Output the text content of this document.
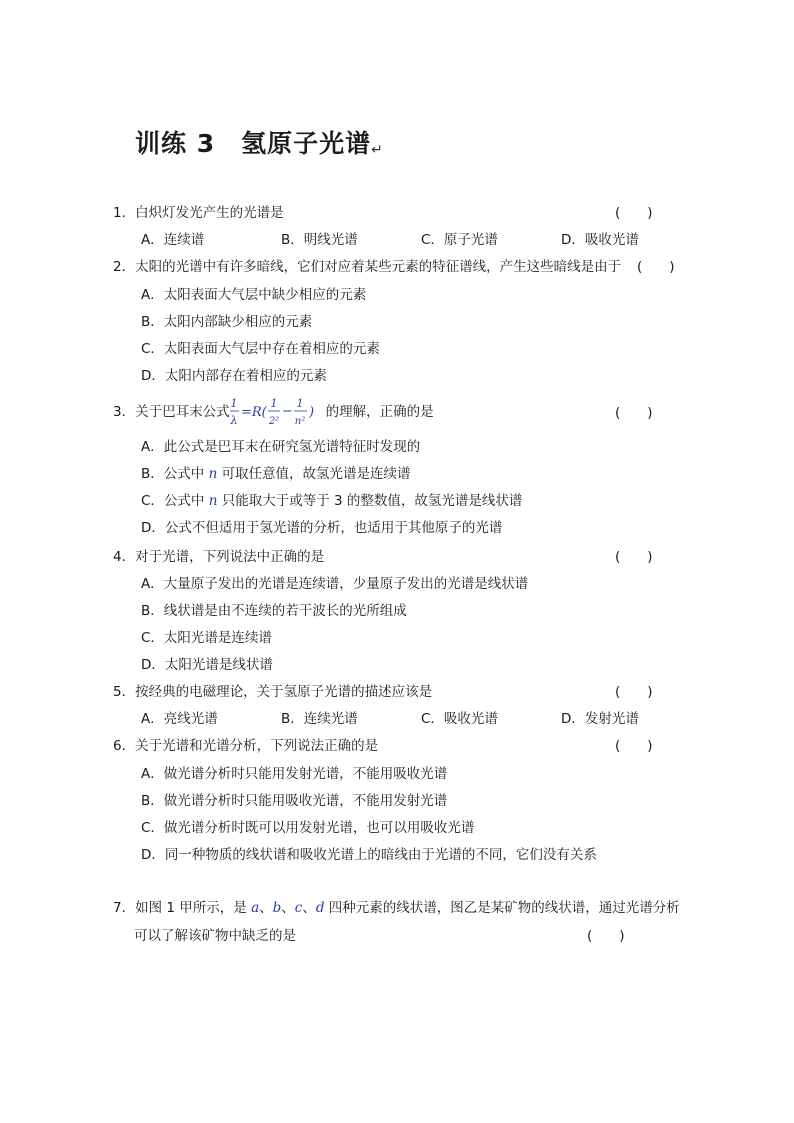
训练 3　氢原子光谱↵
1．白炽灯发光产生的光谱是	(　　)
A．连续谱	B．明线光谱	C．原子光谱	D．吸收光谱
2．太阳的光谱中有许多暗线，它们对应着某些元素的特征谱线，产生这些暗线是由于 (　　)
A．太阳表面大气层中缺少相应的元素
B．太阳内部缺少相应的元素
C．太阳表面大气层中存在着相应的元素
D．太阳内部存在着相应的元素
3．关于巴耳末公式
1
λ
=R(
1
2²
−
1
n²
) 的理解，正确的是	(　　)
A．此公式是巴耳末在研究氢光谱特征时发现的
B．公式中 n 可取任意值，故氢光谱是连续谱
C．公式中 n 只能取大于或等于 3 的整数值，故氢光谱是线状谱
D．公式不但适用于氢光谱的分析，也适用于其他原子的光谱
4．对于光谱，下列说法中正确的是	(　　)
A．大量原子发出的光谱是连续谱，少量原子发出的光谱是线状谱
B．线状谱是由不连续的若干波长的光所组成
C．太阳光谱是连续谱
D．太阳光谱是线状谱
5．按经典的电磁理论，关于氢原子光谱的描述应该是	(　　)
A．亮线光谱	B．连续光谱	C．吸收光谱	D．发射光谱
6．关于光谱和光谱分析，下列说法正确的是	(　　)
A．做光谱分析时只能用发射光谱，不能用吸收光谱
B．做光谱分析时只能用吸收光谱，不能用发射光谱
C．做光谱分析时既可以用发射光谱，也可以用吸收光谱
D．同一种物质的线状谱和吸收光谱上的暗线由于光谱的不同，它们没有关系
7．如图 1 甲所示，是 a、b、c、d 四种元素的线状谱，图乙是某矿物的线状谱，通过光谱分析
可以了解该矿物中缺乏的是	(　　)
